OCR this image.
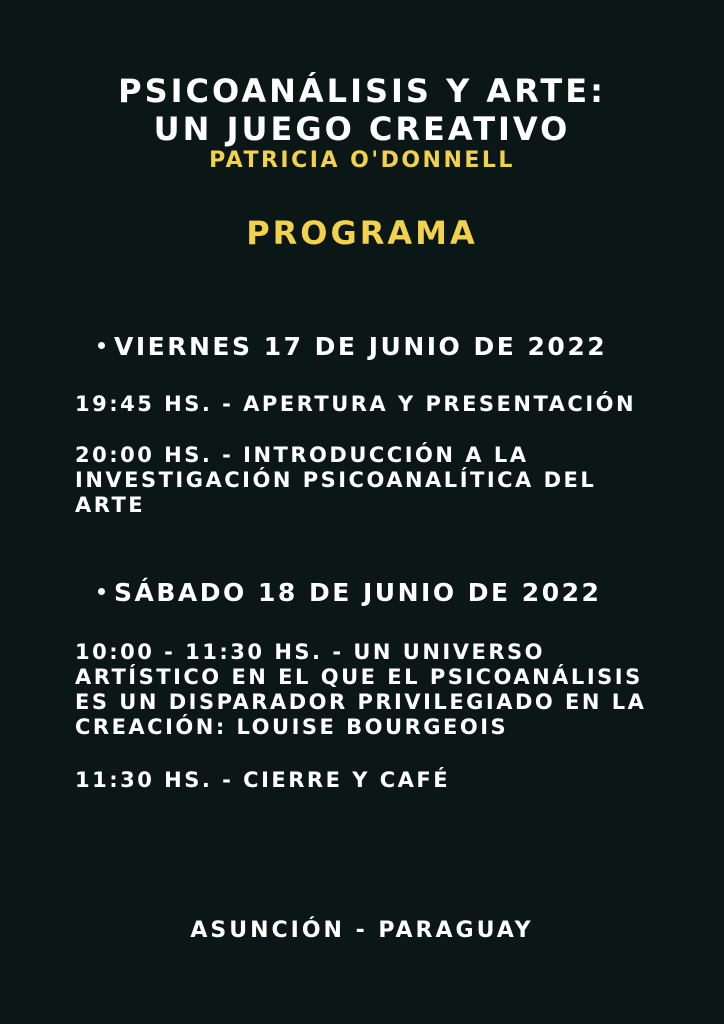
PSICOANÁLISIS Y ARTE:
UN JUEGO CREATIVO

PATRICIA O'DONNELL

PROGRAMA

VIERNES 17 DE JUNIO DE 2022

19:45 HS. - APERTURA Y PRESENTACIÓN

20:00 HS. - INTRODUCCIÓN A LA INVESTIGACIÓN PSICOANALÍTICA DEL ARTE

SÁBADO 18 DE JUNIO DE 2022

10:00 - 11:30 HS. - UN UNIVERSO ARTÍSTICO EN EL QUE EL PSICOANÁLISIS ES UN DISPARADOR PRIVILEGIADO EN LA CREACIÓN: LOUISE BOURGEOIS

11:30 HS. - CIERRE Y CAFÉ

ASUNCIÓN - PARAGUAY
